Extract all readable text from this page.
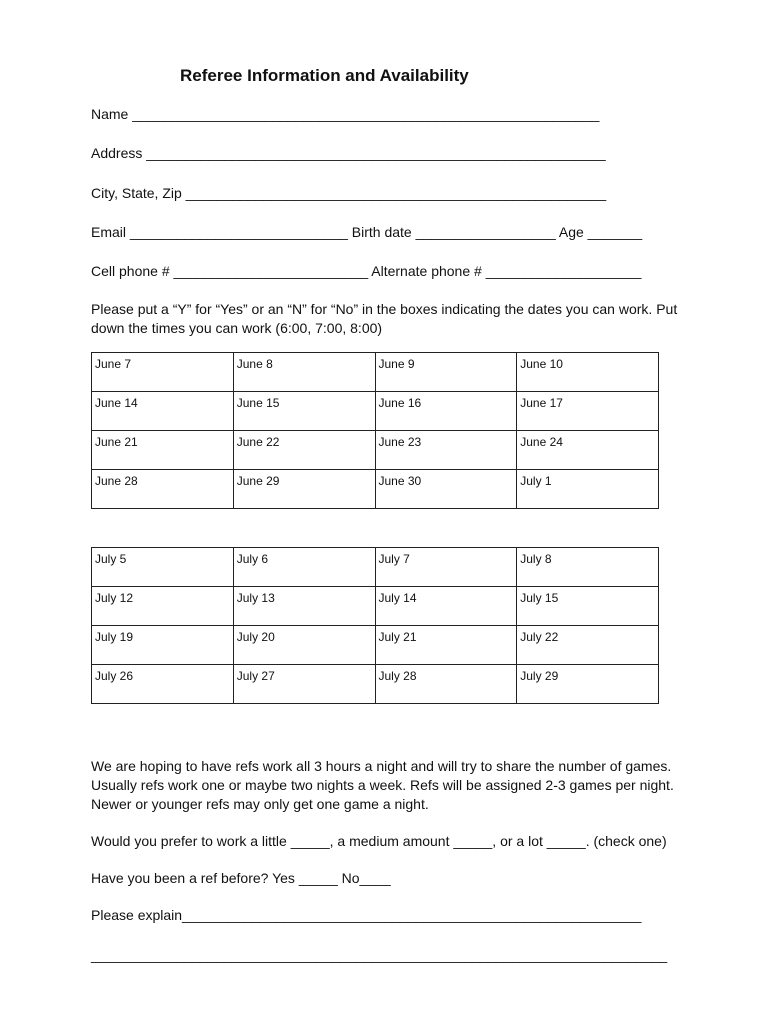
Referee Information and Availability
Name ____________________________________________________________
Address ___________________________________________________________
City, State, Zip ______________________________________________________
Email ____________________________ Birth date __________________ Age _______
Cell phone # _________________________ Alternate phone # ____________________
Please put a “Y” for “Yes” or an “N” for “No” in the boxes indicating the dates you can work. Put
down the times you can work (6:00, 7:00, 8:00)
June 7	June 8	June 9	June 10
June 14	June 15	June 16	June 17
June 21	June 22	June 23	June 24
June 28	June 29	June 30	July 1
July 5	July 6	July 7	July 8
July 12	July 13	July 14	July 15
July 19	July 20	July 21	July 22
July 26	July 27	July 28	July 29
We are hoping to have refs work all 3 hours a night and will try to share the number of games.
Usually refs work one or maybe two nights a week. Refs will be assigned 2-3 games per night.
Newer or younger refs may only get one game a night.
Would you prefer to work a little _____, a medium amount _____, or a lot _____. (check one)
Have you been a ref before? Yes _____ No____
Please explain___________________________________________________________
__________________________________________________________________________
